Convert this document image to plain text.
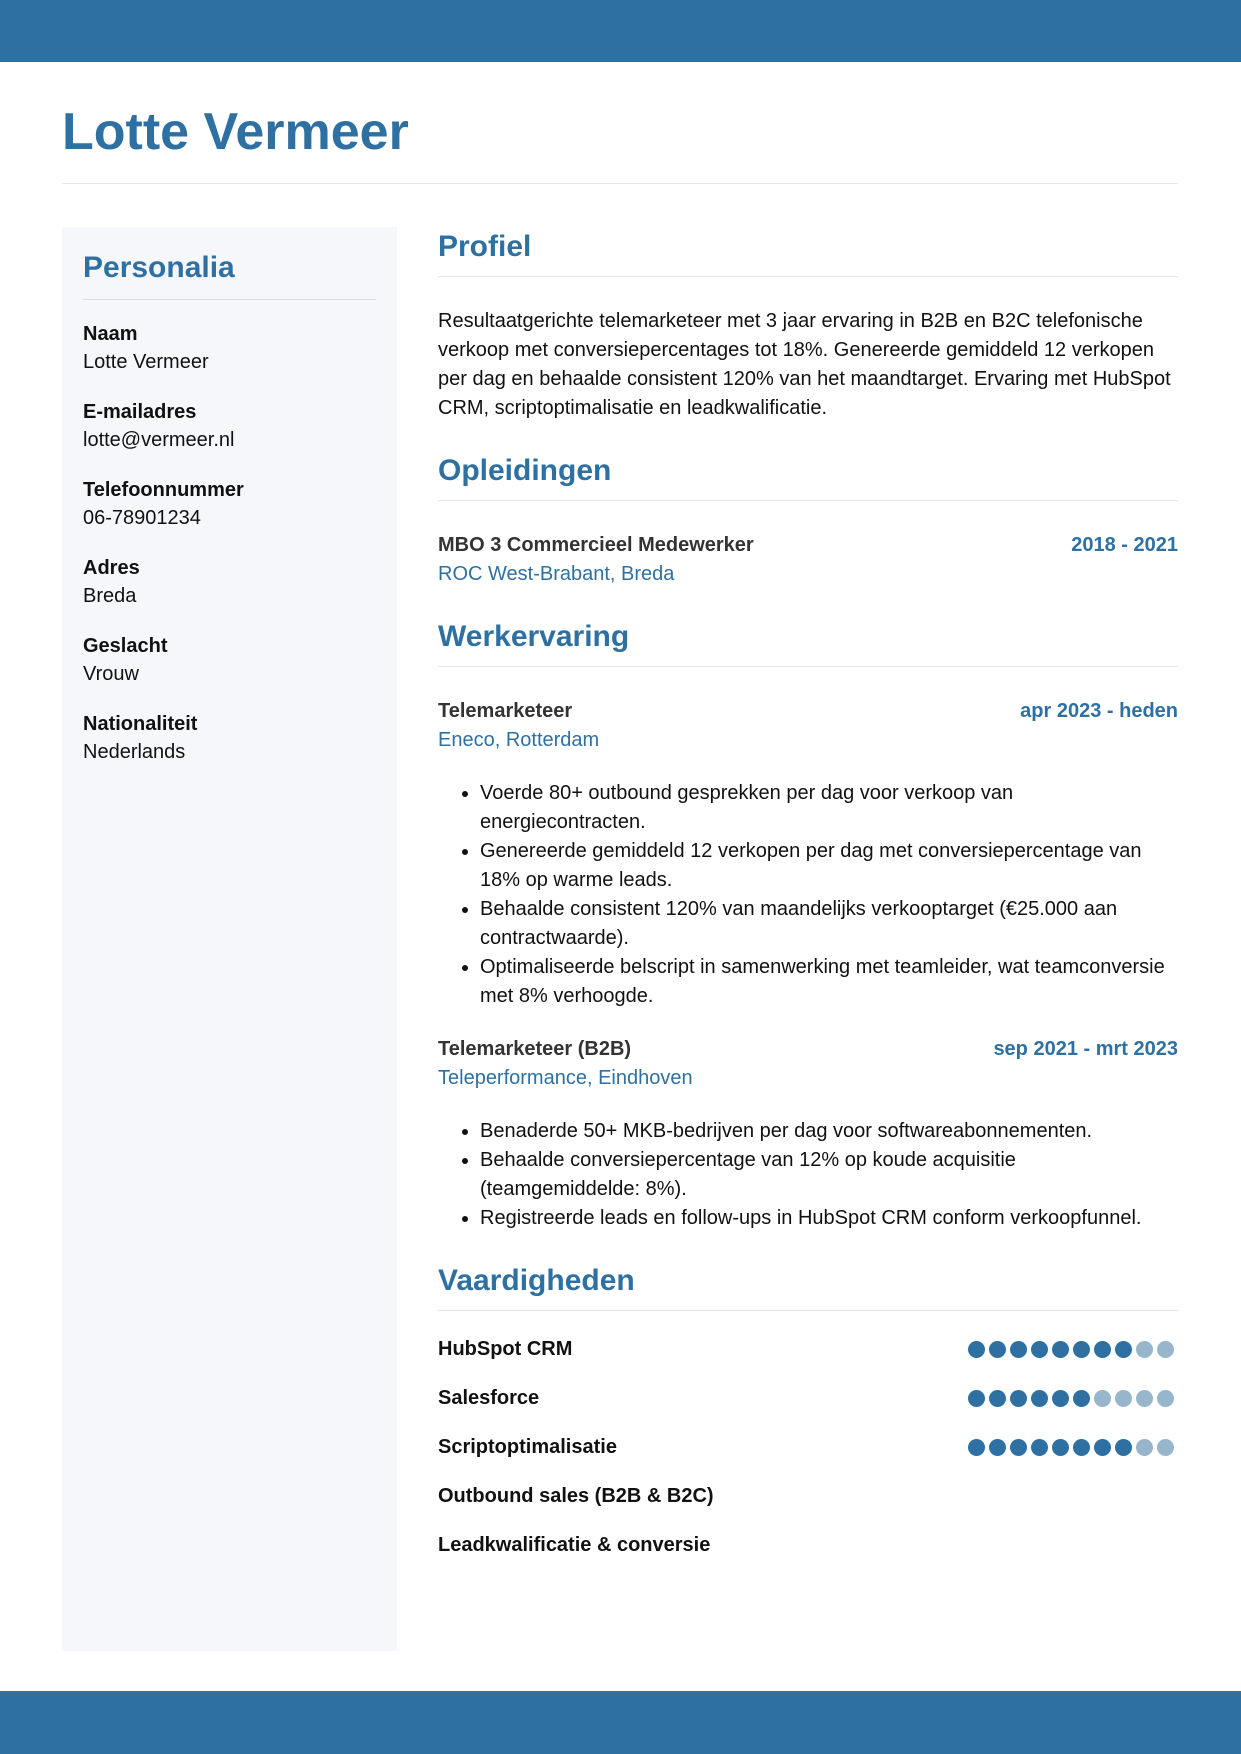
Lotte Vermeer
Personalia
Naam
Lotte Vermeer
E-mailadres
lotte@vermeer.nl
Telefoonnummer
06-78901234
Adres
Breda
Geslacht
Vrouw
Nationaliteit
Nederlands
Profiel

Resultaatgerichte telemarketeer met 3 jaar ervaring in B2B en B2C telefonische verkoop met conversiepercentages tot 18%. Genereerde gemiddeld 12 verkopen per dag en behaalde consistent 120% van het maandtarget. Ervaring met HubSpot CRM, scriptoptimalisatie en leadkwalificatie.

Opleidingen
MBO 3 Commercieel Medewerker	2018 - 2021
ROC West-Brabant, Breda
Werkervaring
Telemarketeer	apr 2023 - heden
Eneco, Rotterdam
• Voerde 80+ outbound gesprekken per dag voor verkoop van energiecontracten.
• Genereerde gemiddeld 12 verkopen per dag met conversiepercentage van 18% op warme leads.
• Behaalde consistent 120% van maandelijks verkooptarget (€25.000 aan contractwaarde).
• Optimaliseerde belscript in samenwerking met teamleider, wat teamconversie met 8% verhoogde.
Telemarketeer (B2B)	sep 2021 - mrt 2023
Teleperformance, Eindhoven
• Benaderde 50+ MKB-bedrijven per dag voor softwareabonnementen.
• Behaalde conversiepercentage van 12% op koude acquisitie (teamgemiddelde: 8%).
• Registreerde leads en follow-ups in HubSpot CRM conform verkoopfunnel.
Vaardigheden
HubSpot CRM
Salesforce
Scriptoptimalisatie
Outbound sales (B2B & B2C)
Leadkwalificatie & conversie
